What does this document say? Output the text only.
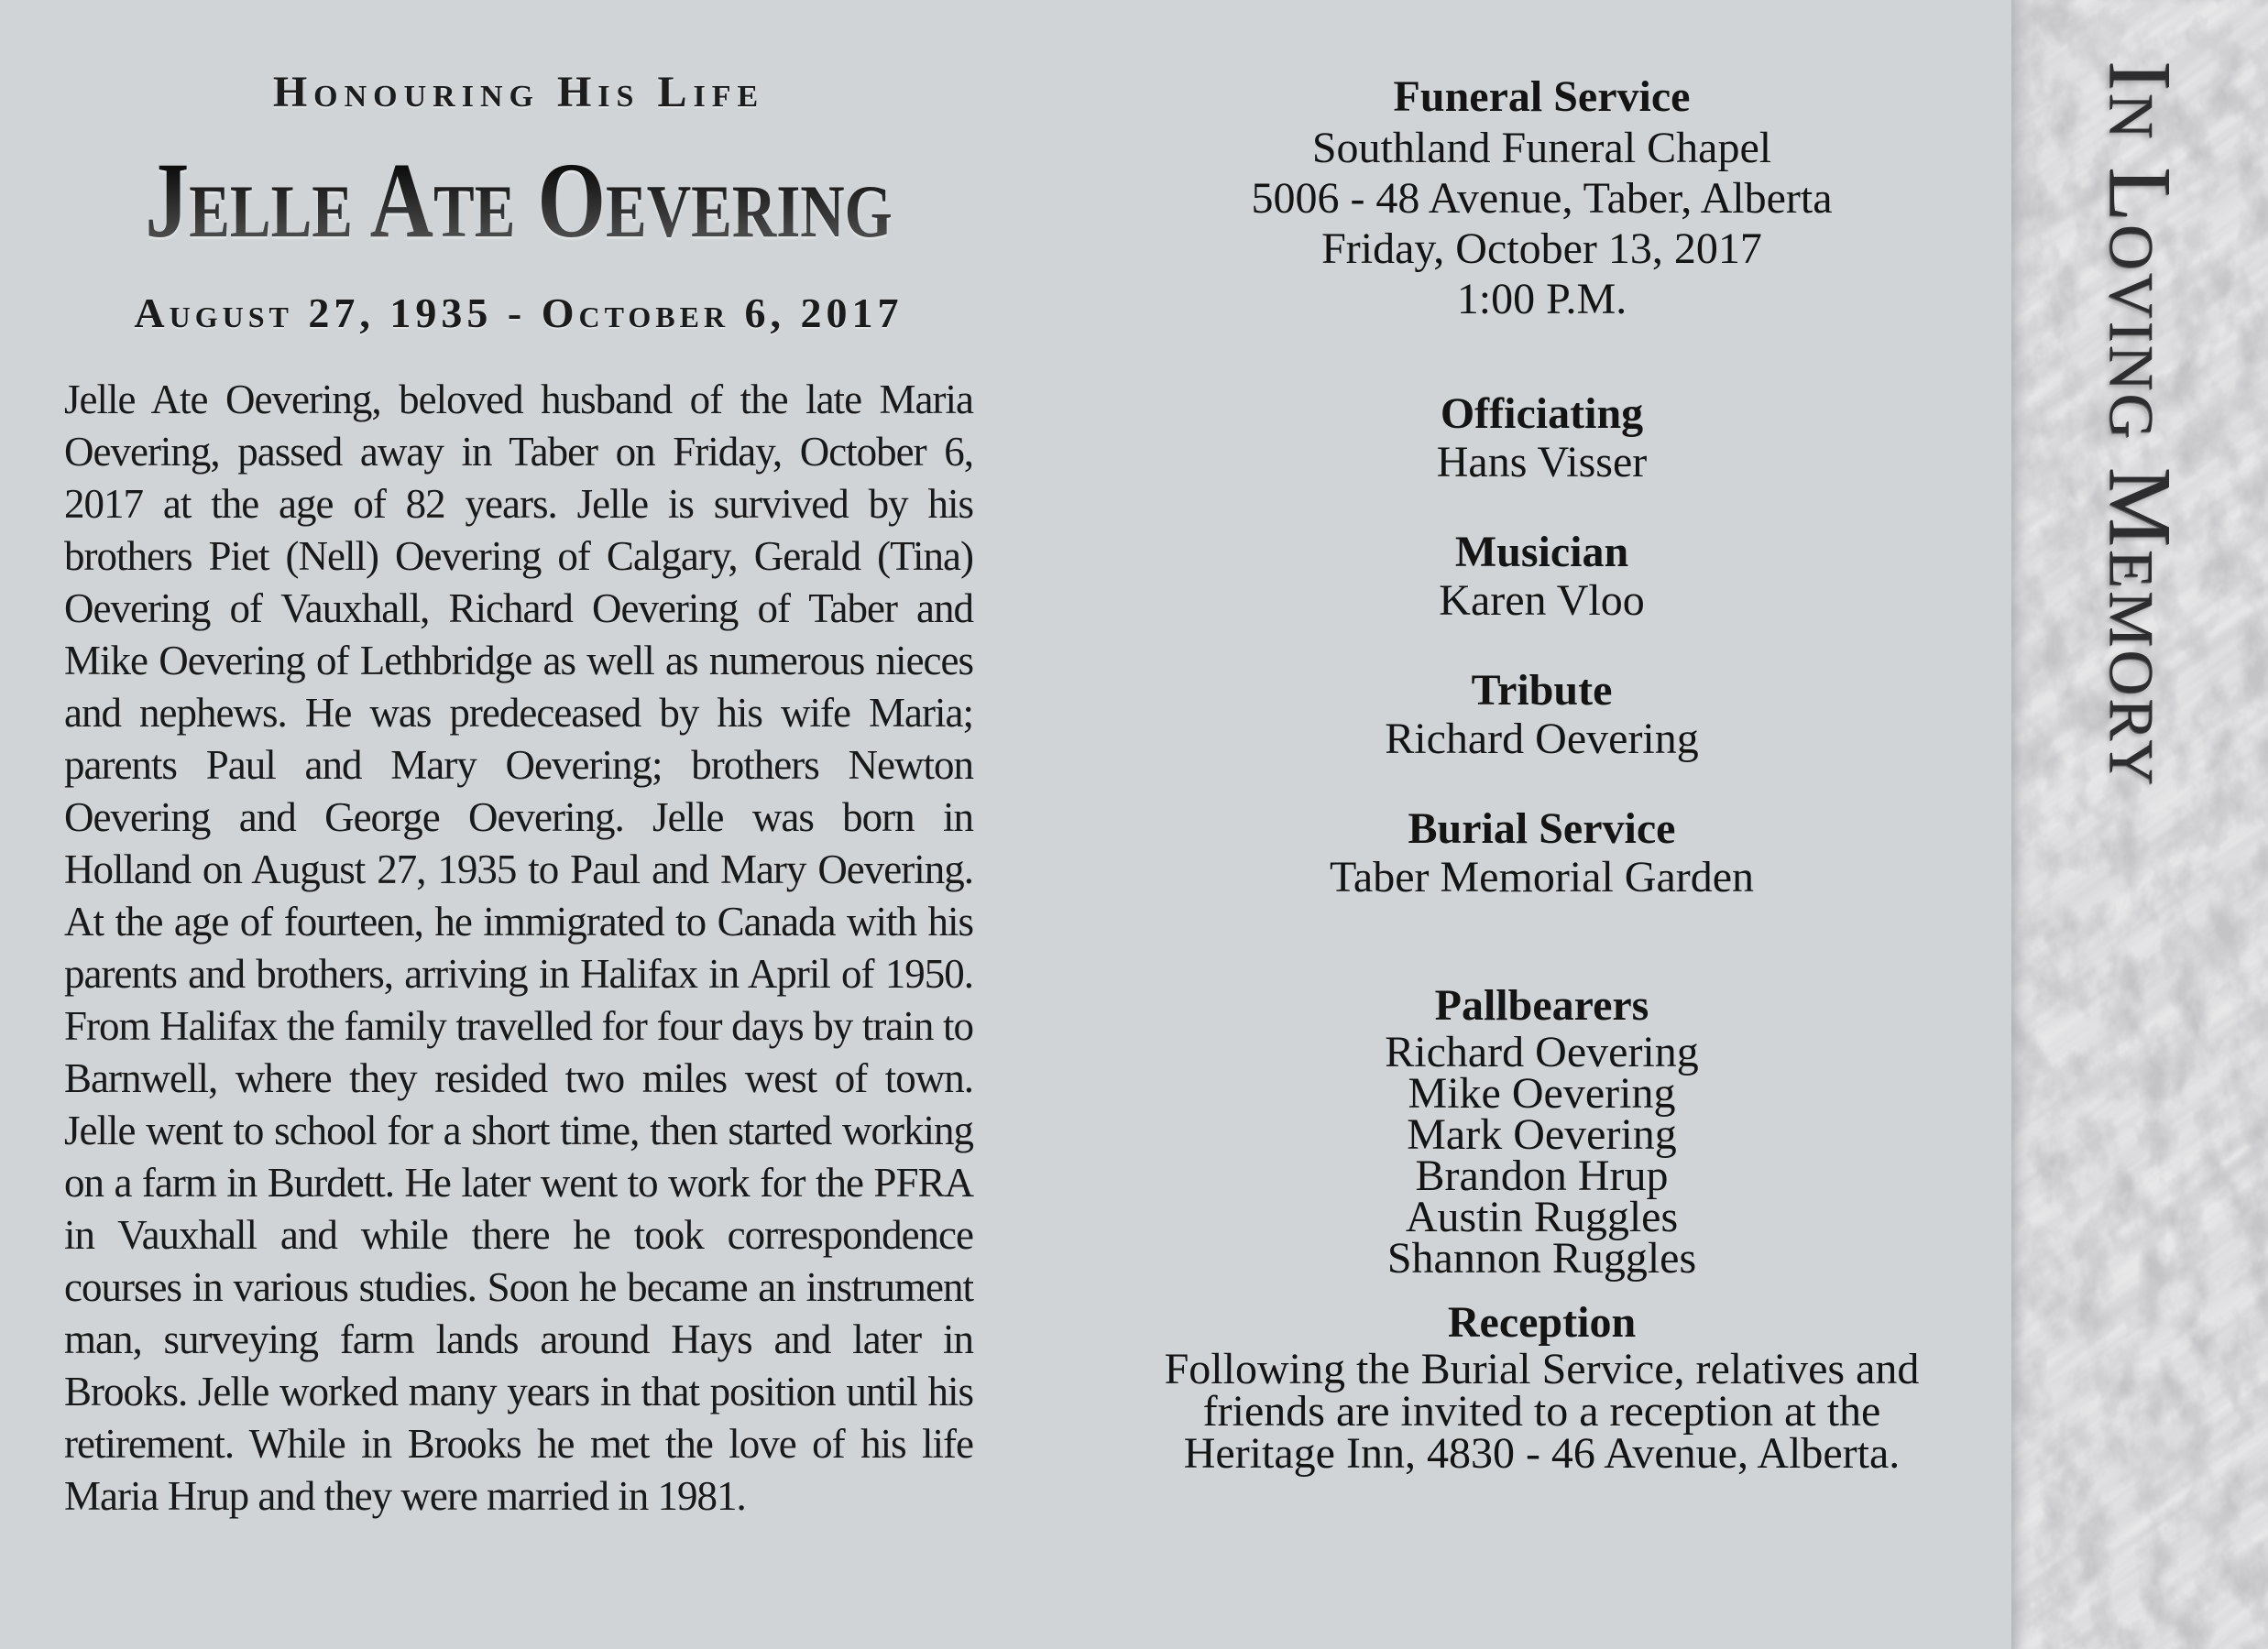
Honouring His Life
Jelle Ate Oevering
August 27, 1935 - October 6, 2017
Jelle Ate Oevering, beloved husband of the late Maria Oevering, passed away in Taber on Friday, October 6, 2017 at the age of 82 years. Jelle is survived by his brothers Piet (Nell) Oevering of Calgary, Gerald (Tina) Oevering of Vauxhall, Richard Oevering of Taber and Mike Oevering of Lethbridge as well as numerous nieces and nephews. He was predeceased by his wife Maria; parents Paul and Mary Oevering; brothers Newton Oevering and George Oevering. Jelle was born in Holland on August 27, 1935 to Paul and Mary Oevering. At the age of fourteen, he immigrated to Canada with his parents and brothers, arriving in Halifax in April of 1950. From Halifax the family travelled for four days by train to Barnwell, where they resided two miles west of town. Jelle went to school for a short time, then started working on a farm in Burdett. He later went to work for the PFRA in Vauxhall and while there he took correspondence courses in various studies. Soon he became an instrument man, surveying farm lands around Hays and later in Brooks. Jelle worked many years in that position until his retirement. While in Brooks he met the love of his life Maria Hrup and they were married in 1981.
Funeral Service
Southland Funeral Chapel
5006 - 48 Avenue, Taber, Alberta
Friday, October 13, 2017
1:00 P.M.
Officiating
Hans Visser
Musician
Karen Vloo
Tribute
Richard Oevering
Burial Service
Taber Memorial Garden
Pallbearers
Richard Oevering
Mike Oevering
Mark Oevering
Brandon Hrup
Austin Ruggles
Shannon Ruggles
Reception
Following the Burial Service, relatives and
friends are invited to a reception at the
Heritage Inn, 4830 - 46 Avenue, Alberta.
In Loving Memory
